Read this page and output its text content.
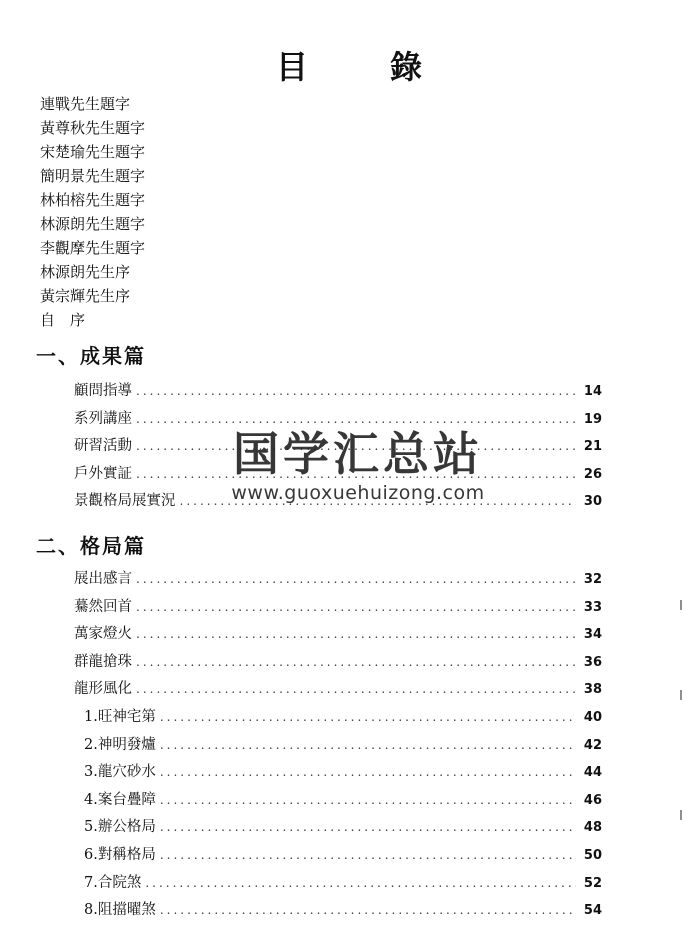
目	錄
連戰先生題字
黃尊秋先生題字
宋楚瑜先生題字
簡明景先生題字
林柏榕先生題字
林源朗先生題字
李觀摩先生題字
林源朗先生序
黃宗輝先生序
自　序
一、成果篇
顧問指導 .....	14
系列講座 .....	19
研習活動 .....	21
戶外實証 .....	26
景觀格局展實況 .....	30
二、格局篇
展出感言 .....	32
驀然回首 .....	33
萬家燈火 .....	34
群龍搶珠 .....	36
龍形風化 .....	38
1.旺神宅第 .....	40
2.神明發爐 .....	42
3.龍穴砂水 .....	44
4.案台疊障 .....	46
5.辦公格局 .....	48
6.對稱格局 .....	50
7.合院煞 .....	52
8.阻擋曜煞 .....	54
国学汇总站
www.guoxuehuizong.com
